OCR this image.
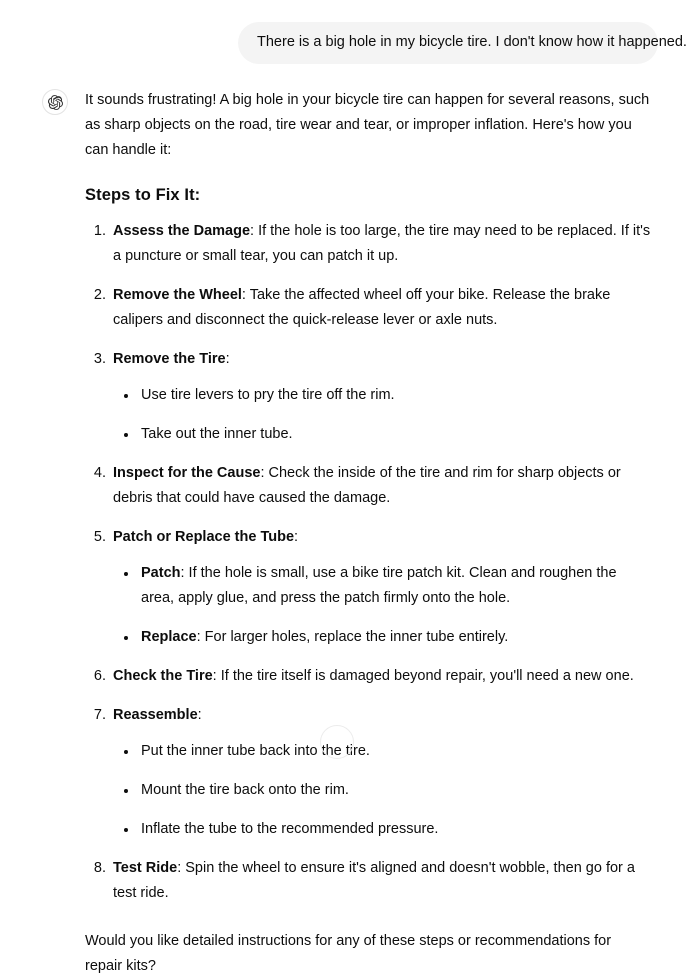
There is a big hole in my bicycle tire. I don't know how it happened.

It sounds frustrating! A big hole in your bicycle tire can happen for several reasons, such as sharp objects on the road, tire wear and tear, or improper inflation. Here's how you can handle it:

Steps to Fix It:
1. Assess the Damage: If the hole is too large, the tire may need to be replaced. If it's a puncture or small tear, you can patch it up.
2. Remove the Wheel: Take the affected wheel off your bike. Release the brake calipers and disconnect the quick-release lever or axle nuts.
3. Remove the Tire:
• Use tire levers to pry the tire off the rim.
• Take out the inner tube.
4. Inspect for the Cause: Check the inside of the tire and rim for sharp objects or debris that could have caused the damage.
5. Patch or Replace the Tube:
• Patch: If the hole is small, use a bike tire patch kit. Clean and roughen the area, apply glue, and press the patch firmly onto the hole.
• Replace: For larger holes, replace the inner tube entirely.
6. Check the Tire: If the tire itself is damaged beyond repair, you'll need a new one.
7. Reassemble:
• Put the inner tube back into the tire.
• Mount the tire back onto the rim.
• Inflate the tube to the recommended pressure.
8. Test Ride: Spin the wheel to ensure it's aligned and doesn't wobble, then go for a test ride.

Would you like detailed instructions for any of these steps or recommendations for repair kits?
